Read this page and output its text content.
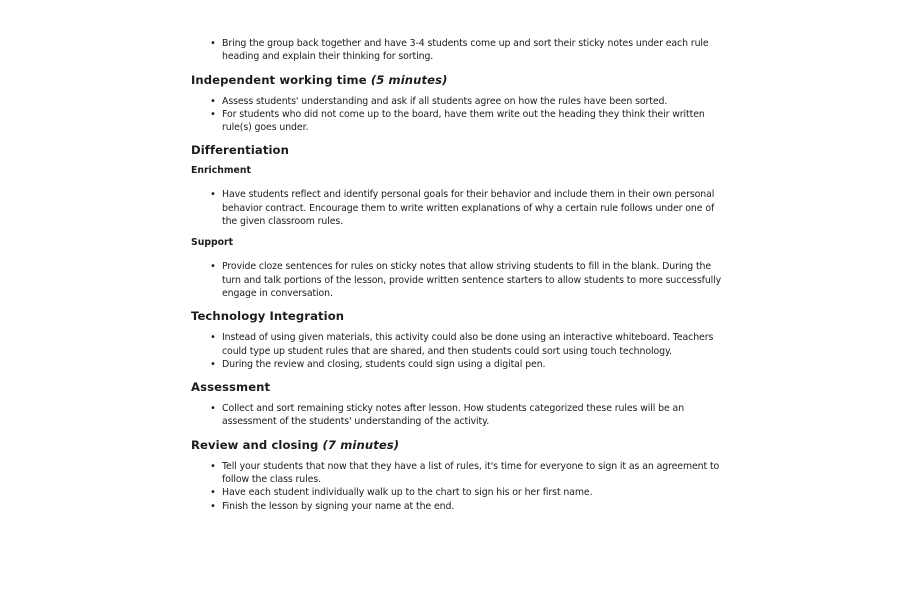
• Bring the group back together and have 3-4 students come up and sort their sticky notes under each rule heading and explain their thinking for sorting.
Independent working time (5 minutes)
• Assess students' understanding and ask if all students agree on how the rules have been sorted.
• For students who did not come up to the board, have them write out the heading they think their written rule(s) goes under.
Differentiation
Enrichment
• Have students reflect and identify personal goals for their behavior and include them in their own personal behavior contract. Encourage them to write written explanations of why a certain rule follows under one of the given classroom rules.
Support
• Provide cloze sentences for rules on sticky notes that allow striving students to fill in the blank. During the turn and talk portions of the lesson, provide written sentence starters to allow students to more successfully engage in conversation.
Technology Integration
• Instead of using given materials, this activity could also be done using an interactive whiteboard. Teachers could type up student rules that are shared, and then students could sort using touch technology.
• During the review and closing, students could sign using a digital pen.
Assessment
• Collect and sort remaining sticky notes after lesson. How students categorized these rules will be an assessment of the students' understanding of the activity.
Review and closing (7 minutes)
• Tell your students that now that they have a list of rules, it's time for everyone to sign it as an agreement to follow the class rules.
• Have each student individually walk up to the chart to sign his or her first name.
• Finish the lesson by signing your name at the end.
